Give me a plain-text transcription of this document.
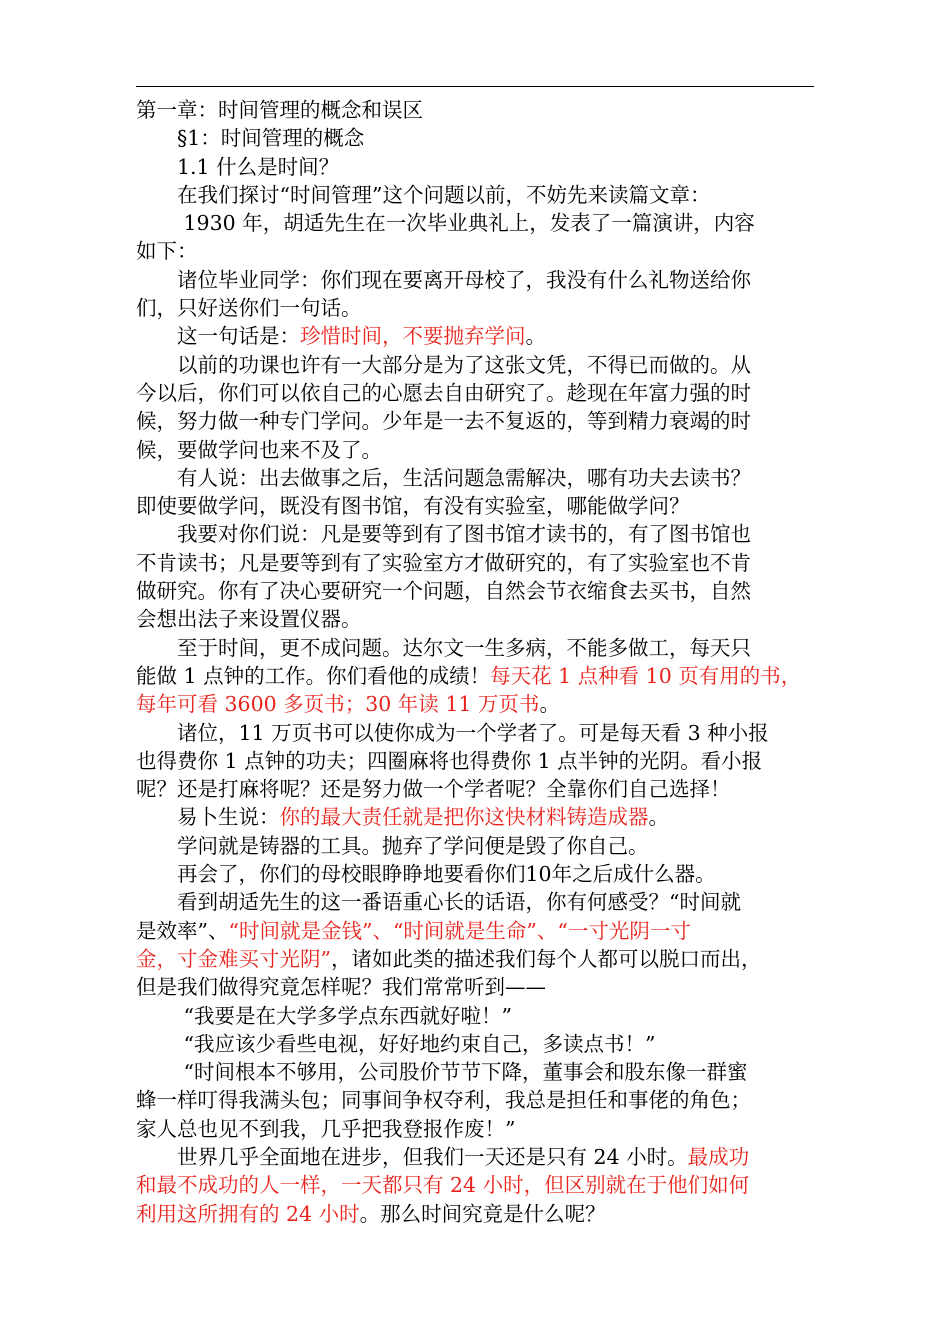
第一章：时间管理的概念和误区

　　§1：时间管理的概念

　　1.1 什么是时间？

　　在我们探讨“时间管理”这个问题以前，不妨先来读篇文章：

　　 1930 年，胡适先生在一次毕业典礼上，发表了一篇演讲，内容

如下：

　　诸位毕业同学：你们现在要离开母校了，我没有什么礼物送给你

们，只好送你们一句话。

　　这一句话是：珍惜时间，不要抛弃学问。

　　以前的功课也许有一大部分是为了这张文凭，不得已而做的。从

今以后，你们可以依自己的心愿去自由研究了。趁现在年富力强的时

候，努力做一种专门学问。少年是一去不复返的，等到精力衰竭的时

候，要做学问也来不及了。

　　有人说：出去做事之后，生活问题急需解决，哪有功夫去读书？

即使要做学问，既没有图书馆，有没有实验室，哪能做学问？

　　我要对你们说：凡是要等到有了图书馆才读书的，有了图书馆也

不肯读书；凡是要等到有了实验室方才做研究的，有了实验室也不肯

做研究。你有了决心要研究一个问题，自然会节衣缩食去买书，自然

会想出法子来设置仪器。

　　至于时间，更不成问题。达尔文一生多病，不能多做工，每天只

能做 1 点钟的工作。你们看他的成绩！每天花 1 点种看 10 页有用的书，

每年可看 3600 多页书；30 年读 11 万页书。

　　诸位，11 万页书可以使你成为一个学者了。可是每天看 3 种小报

也得费你 1 点钟的功夫；四圈麻将也得费你 1 点半钟的光阴。看小报

呢？还是打麻将呢？还是努力做一个学者呢？全靠你们自己选择！

　　易卜生说：你的最大责任就是把你这快材料铸造成器。

　　学问就是铸器的工具。抛弃了学问便是毁了你自己。

　　再会了，你们的母校眼睁睁地要看你们10年之后成什么器。

　　看到胡适先生的这一番语重心长的话语，你有何感受？“时间就

是效率”、“时间就是金钱”、“时间就是生命”、“一寸光阴一寸

金，寸金难买寸光阴”，诸如此类的描述我们每个人都可以脱口而出，

但是我们做得究竟怎样呢？我们常常听到——

　　 “我要是在大学多学点东西就好啦！”

　　 “我应该少看些电视，好好地约束自己，多读点书！”

　　 “时间根本不够用，公司股价节节下降，董事会和股东像一群蜜

蜂一样叮得我满头包；同事间争权夺利，我总是担任和事佬的角色；

家人总也见不到我，几乎把我登报作废！”

　　世界几乎全面地在进步，但我们一天还是只有 24 小时。最成功

和最不成功的人一样，一天都只有 24 小时，但区别就在于他们如何

利用这所拥有的 24 小时。那么时间究竟是什么呢？
